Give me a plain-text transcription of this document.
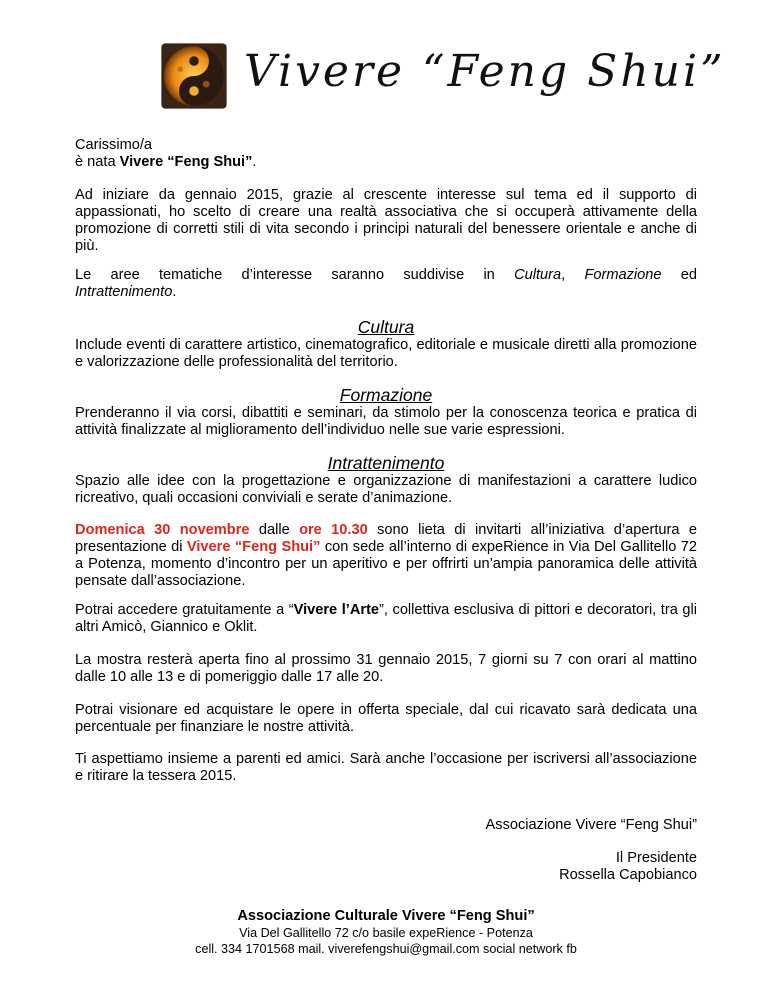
Vivere “Feng Shui”

Carissimo/a

è nata Vivere “Feng Shui”.

Ad iniziare da gennaio 2015, grazie al crescente interesse sul tema ed il supporto di appassionati, ho scelto di creare una realtà associativa che si occuperà attivamente della promozione di corretti stili di vita secondo i principi naturali del benessere orientale e anche di più.

Le aree tematiche d’interesse saranno suddivise in Cultura, Formazione ed

Intrattenimento.

Cultura

Include eventi di carattere artistico, cinematografico, editoriale e musicale diretti alla promozione e valorizzazione delle professionalità del territorio.

Formazione

Prenderanno il via corsi, dibattiti e seminari, da stimolo per la conoscenza teorica e pratica di attività finalizzate al miglioramento dell’individuo nelle sue varie espressioni.

Intrattenimento

Spazio alle idee con la progettazione e organizzazione di manifestazioni a carattere ludico ricreativo, quali occasioni conviviali e serate d’animazione.

Domenica 30 novembre dalle ore 10.30 sono lieta di invitarti all’iniziativa d’apertura e presentazione di Vivere “Feng Shui” con sede all’interno di expeRience in Via Del Gallitello 72 a Potenza, momento d’incontro per un aperitivo e per offrirti un’ampia panoramica delle attività pensate dall’associazione.

Potrai accedere gratuitamente a “Vivere l’Arte”, collettiva esclusiva di pittori e decoratori, tra gli altri Amicò, Giannico e Oklit.

La mostra resterà aperta fino al prossimo 31 gennaio 2015, 7 giorni su 7 con orari al mattino dalle 10 alle 13 e di pomeriggio dalle 17 alle 20.

Potrai visionare ed acquistare le opere in offerta speciale, dal cui ricavato sarà dedicata una percentuale per finanziare le nostre attività.

Ti aspettiamo insieme a parenti ed amici. Sarà anche l’occasione per iscriversi all’associazione e ritirare la tessera 2015.

Associazione Vivere “Feng Shui”
Il Presidente
Rossella Capobianco
Associazione Culturale Vivere “Feng Shui”
Via Del Gallitello 72 c/o basile expeRience - Potenza
cell. 334 1701568 mail. viverefengshui@gmail.com social network fb
